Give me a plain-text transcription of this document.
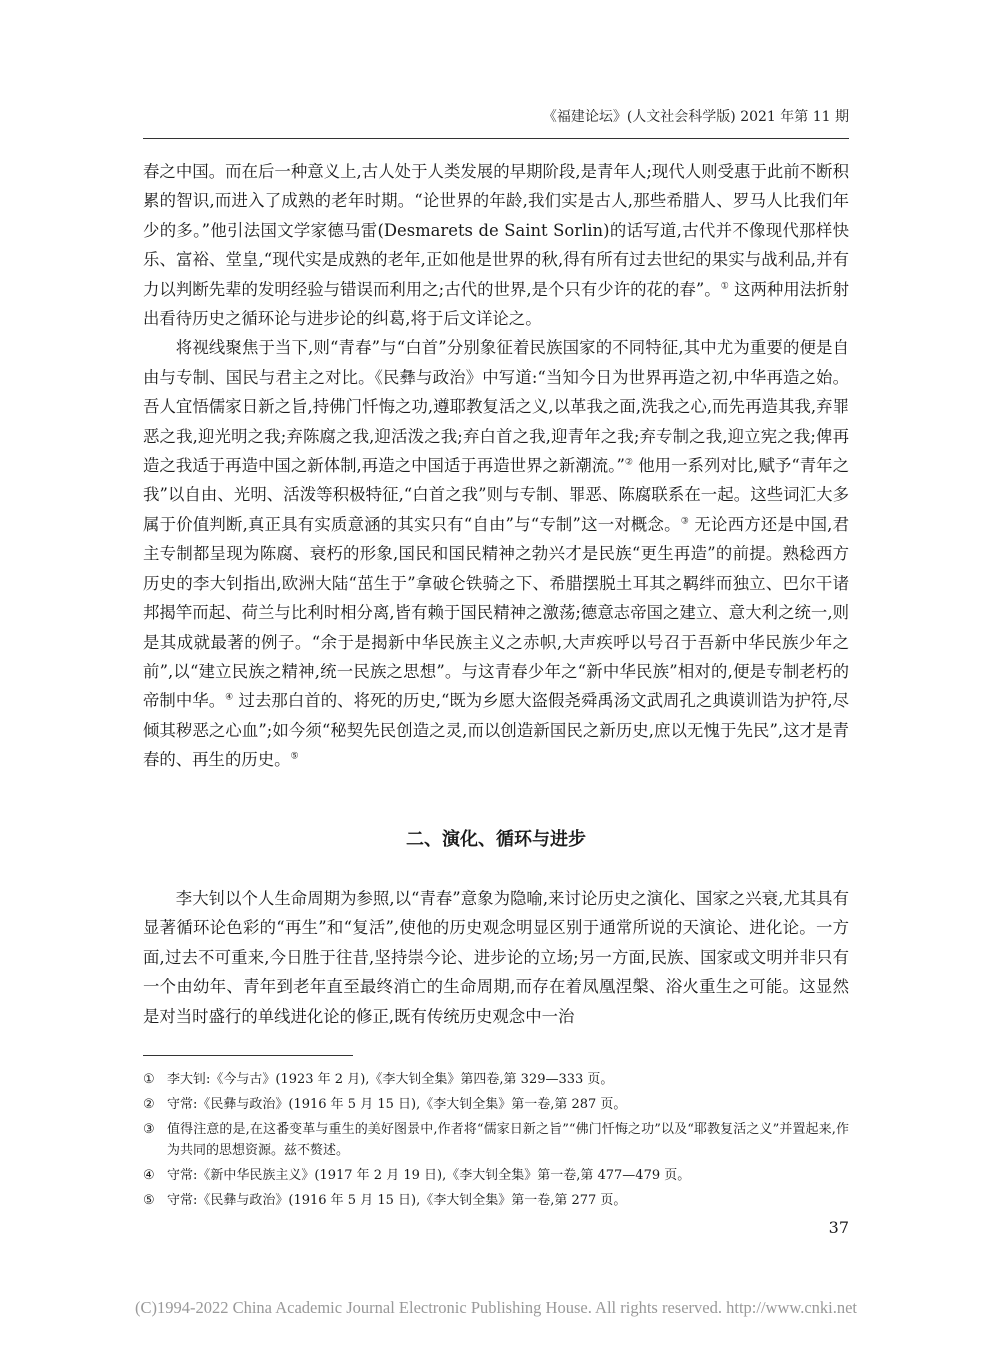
《福建论坛》(人文社会科学版) 2021 年第 11 期

春之中国。而在后一种意义上,古人处于人类发展的早期阶段,是青年人;现代人则受惠于此前不断积累的智识,而进入了成熟的老年时期。“论世界的年龄,我们实是古人,那些希腊人、罗马人比我们年少的多。”他引法国文学家德马雷(Desmarets de Saint Sorlin)的话写道,古代并不像现代那样快乐、富裕、堂皇,“现代实是成熟的老年,正如他是世界的秋,得有所有过去世纪的果实与战利品,并有力以判断先辈的发明经验与错误而利用之;古代的世界,是个只有少许的花的春”。① 这两种用法折射出看待历史之循环论与进步论的纠葛,将于后文详论之。

将视线聚焦于当下,则“青春”与“白首”分别象征着民族国家的不同特征,其中尤为重要的便是自由与专制、国民与君主之对比。《民彝与政治》中写道:“当知今日为世界再造之初,中华再造之始。吾人宜悟儒家日新之旨,持佛门忏悔之功,遵耶教复活之义,以革我之面,洗我之心,而先再造其我,弃罪恶之我,迎光明之我;弃陈腐之我,迎活泼之我;弃白首之我,迎青年之我;弃专制之我,迎立宪之我;俾再造之我适于再造中国之新体制,再造之中国适于再造世界之新潮流。”② 他用一系列对比,赋予“青年之我”以自由、光明、活泼等积极特征,“白首之我”则与专制、罪恶、陈腐联系在一起。这些词汇大多属于价值判断,真正具有实质意涵的其实只有“自由”与“专制”这一对概念。③ 无论西方还是中国,君主专制都呈现为陈腐、衰朽的形象,国民和国民精神之勃兴才是民族“更生再造”的前提。熟稔西方历史的李大钊指出,欧洲大陆“茁生于”拿破仑铁骑之下、希腊摆脱土耳其之羁绊而独立、巴尔干诸邦揭竿而起、荷兰与比利时相分离,皆有赖于国民精神之激荡;德意志帝国之建立、意大利之统一,则是其成就最著的例子。“余于是揭新中华民族主义之赤帜,大声疾呼以号召于吾新中华民族少年之前”,以“建立民族之精神,统一民族之思想”。与这青春少年之“新中华民族”相对的,便是专制老朽的帝制中华。④ 过去那白首的、将死的历史,“既为乡愿大盗假尧舜禹汤文武周孔之典谟训诰为护符,尽倾其秽恶之心血”;如今须“秘契先民创造之灵,而以创造新国民之新历史,庶以无愧于先民”,这才是青春的、再生的历史。⑤

二、演化、循环与进步

李大钊以个人生命周期为参照,以“青春”意象为隐喻,来讨论历史之演化、国家之兴衰,尤其具有显著循环论色彩的“再生”和“复活”,使他的历史观念明显区别于通常所说的天演论、进化论。一方面,过去不可重来,今日胜于往昔,坚持崇今论、进步论的立场;另一方面,民族、国家或文明并非只有一个由幼年、青年到老年直至最终消亡的生命周期,而存在着凤凰涅槃、浴火重生之可能。这显然是对当时盛行的单线进化论的修正,既有传统历史观念中一治

① 李大钊:《今与古》(1923 年 2 月),《李大钊全集》第四卷,第 329—333 页。
② 守常:《民彝与政治》(1916 年 5 月 15 日),《李大钊全集》第一卷,第 287 页。
③ 值得注意的是,在这番变革与重生的美好图景中,作者将“儒家日新之旨”“佛门忏悔之功”以及“耶教复活之义”并置起来,作为共同的思想资源。兹不赘述。
④ 守常:《新中华民族主义》(1917 年 2 月 19 日),《李大钊全集》第一卷,第 477—479 页。
⑤ 守常:《民彝与政治》(1916 年 5 月 15 日),《李大钊全集》第一卷,第 277 页。
37
(C)1994-2022 China Academic Journal Electronic Publishing House. All rights reserved. http://www.cnki.net
